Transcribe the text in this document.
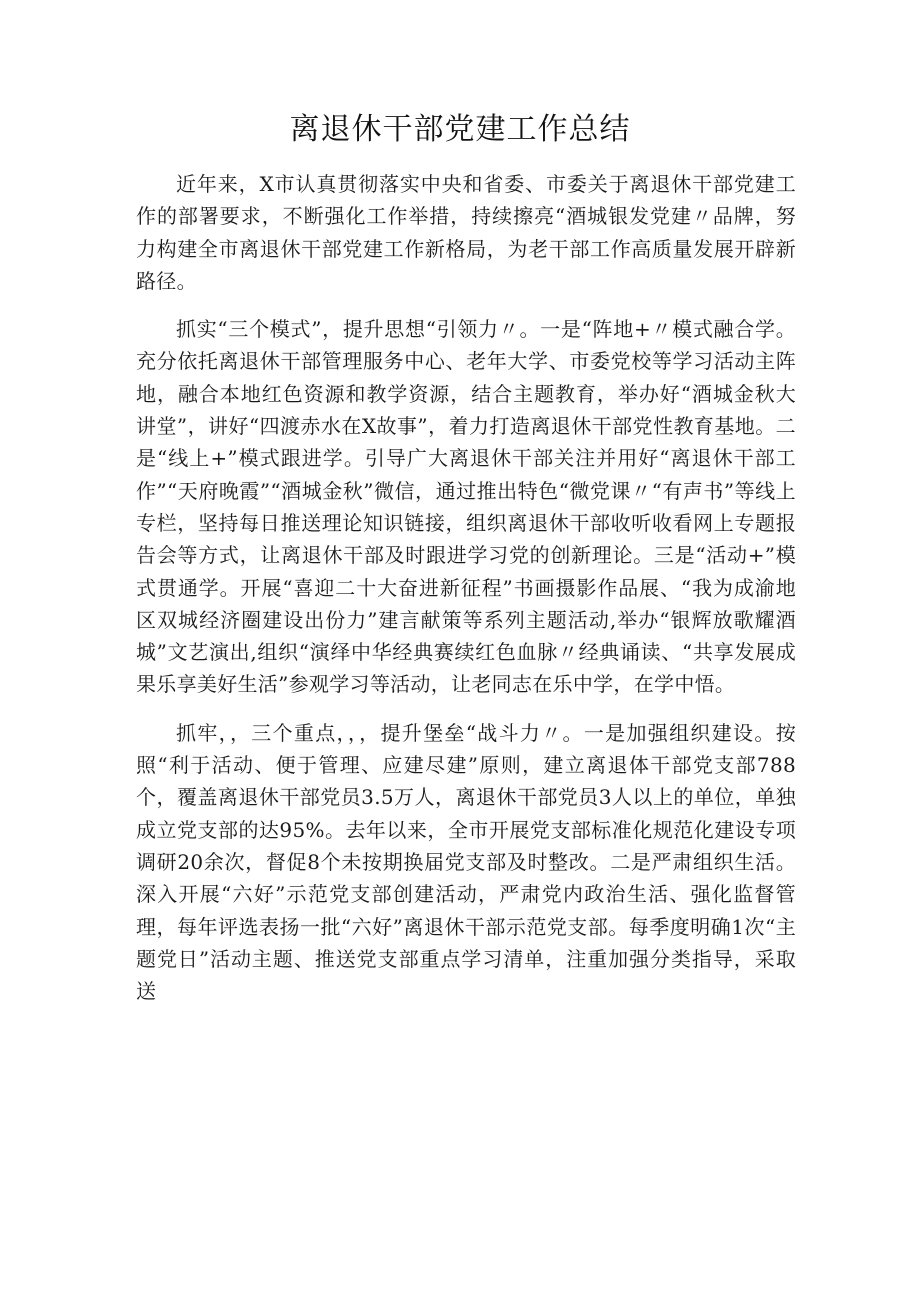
离退休干部党建工作总结

近年来，X市认真贯彻落实中央和省委、市委关于离退休干部党建工作的部署要求，不断强化工作举措，持续擦亮“酒城银发党建〃品牌，努力构建全市离退休干部党建工作新格局，为老干部工作高质量发展开辟新路径。

抓实“三个模式”，提升思想“引领力〃。一是“阵地+〃模式融合学。充分依托离退休干部管理服务中心、老年大学、市委党校等学习活动主阵地，融合本地红色资源和教学资源，结合主题教育，举办好“酒城金秋大讲堂”，讲好“四渡赤水在X故事”，着力打造离退休干部党性教育基地。二是“线上+”模式跟进学。引导广大离退休干部关注并用好“离退休干部工作”“天府晚霞”“酒城金秋”微信，通过推出特色“微党课〃“有声书”等线上专栏，坚持每日推送理论知识链接，组织离退休干部收听收看网上专题报告会等方式，让离退休干部及时跟进学习党的创新理论。三是“活动+”模式贯通学。开展“喜迎二十大奋进新征程”书画摄影作品展、“我为成渝地区双城经济圈建设出份力”建言献策等系列主题活动,举办“银辉放歌耀酒城”文艺演出,组织“演绎中华经典赛续红色血脉〃经典诵读、“共享发展成果乐享美好生活”参观学习等活动，让老同志在乐中学，在学中悟。

抓牢，，三个重点，，，提升堡垒“战斗力〃。一是加强组织建设。按照“利于活动、便于管理、应建尽建”原则，建立离退体干部党支部788个，覆盖离退休干部党员3.5万人，离退休干部党员3人以上的单位，单独成立党支部的达95%。去年以来，全市开展党支部标准化规范化建设专项调研20余次，督促8个未按期换届党支部及时整改。二是严肃组织生活。深入开展“六好”示范党支部创建活动，严肃党内政治生活、强化监督管理，每年评选表扬一批“六好”离退休干部示范党支部。每季度明确1次“主题党日”活动主题、推送党支部重点学习清单，注重加强分类指导，采取送
